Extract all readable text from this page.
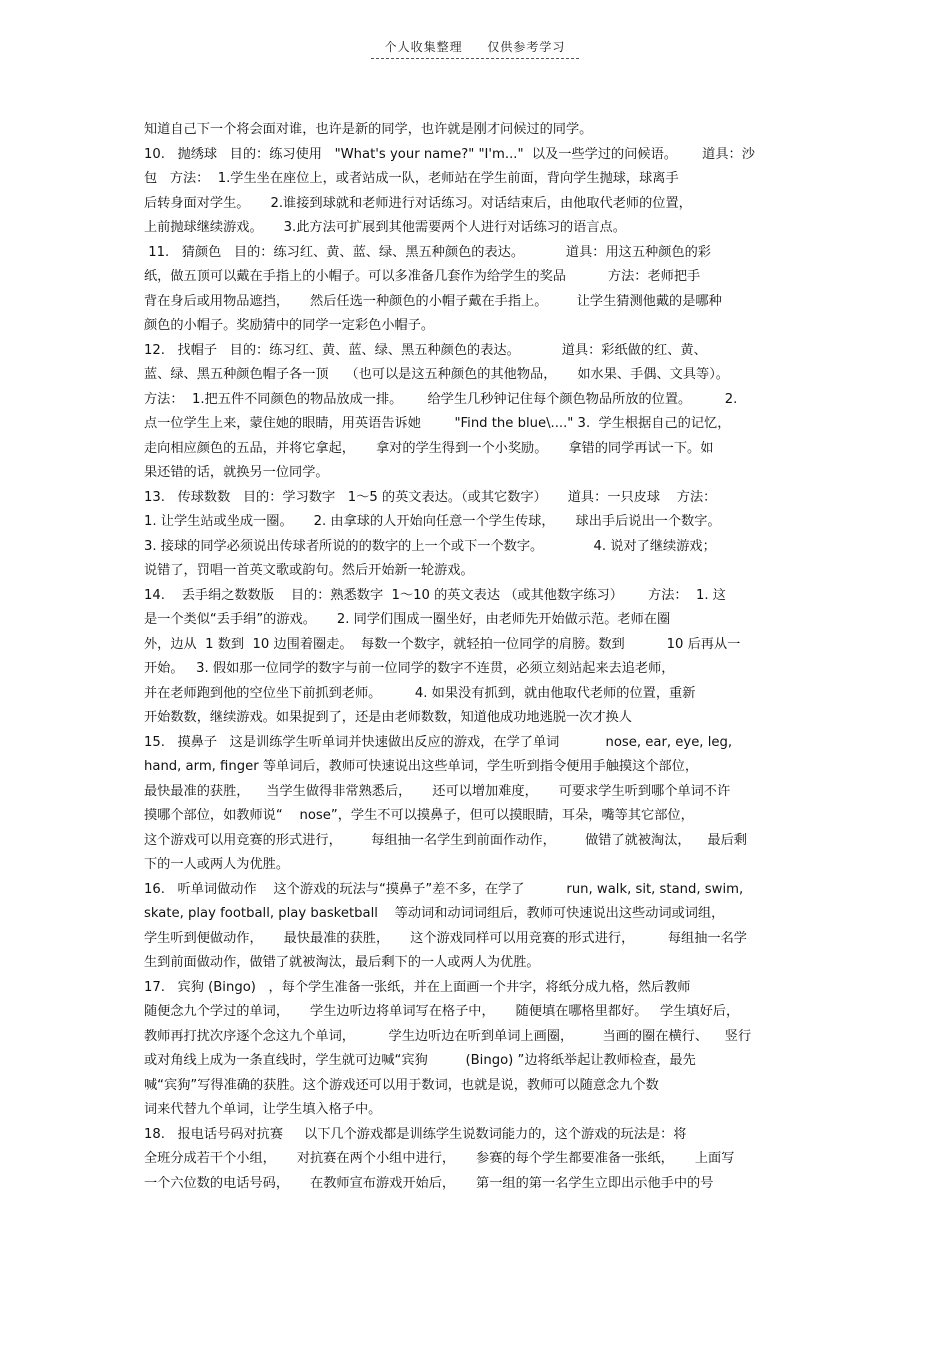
个人收集整理 仅供参考学习
知道自己下一个将会面对谁，也许是新的同学，也许就是刚才问候过的同学。
10.   抛绣球   目的：练习使用   "What's your name?" "I'm..."  以及一些学过的问候语。      道具：沙
包   方法：  1.学生坐在座位上，或者站成一队，老师站在学生前面，背向学生抛球，球离手
后转身面对学生。     2.谁接到球就和老师进行对话练习。对话结束后，由他取代老师的位置，
上前抛球继续游戏。     3.此方法可扩展到其他需要两个人进行对话练习的语言点。
11.   猜颜色   目的：练习红、黄、蓝、绿、黑五种颜色的表达。          道具：用这五种颜色的彩
纸，做五顶可以戴在手指上的小帽子。可以多准备几套作为给学生的奖品          方法：老师把手
背在身后或用物品遮挡，     然后任选一种颜色的小帽子戴在手指上。       让学生猜测他戴的是哪种
颜色的小帽子。奖励猜中的同学一定彩色小帽子。
12.   找帽子   目的：练习红、黄、蓝、绿、黑五种颜色的表达。          道具：彩纸做的红、黄、
蓝、绿、黑五种颜色帽子各一顶    （也可以是这五种颜色的其他物品，     如水果、手偶、文具等）。
方法：  1.把五件不同颜色的物品放成一排。      给学生几秒钟记住每个颜色物品所放的位置。        2.
点一位学生上来，蒙住她的眼睛，用英语告诉她        "Find the blue\...." 3.  学生根据自己的记忆，
走向相应颜色的五品，并将它拿起，     拿对的学生得到一个小奖励。     拿错的同学再试一下。如
果还错的话，就换另一位同学。
13.   传球数数   目的：学习数字   1～5 的英文表达。（或其它数字）     道具：一只皮球    方法：
1. 让学生站或坐成一圈。     2. 由拿球的人开始向任意一个学生传球，     球出手后说出一个数字。
3. 接球的同学必须说出传球者所说的的数字的上一个或下一个数字。            4. 说对了继续游戏；
说错了，罚唱一首英文歌或韵句。然后开始新一轮游戏。
14.    丢手绢之数数版    目的：熟悉数字  1～10 的英文表达 （或其他数字练习）      方法：  1. 这
是一个类似“丢手绢”的游戏。     2. 同学们围成一圈坐好，由老师先开始做示范。老师在圈
外，边从  1 数到  10 边围着圈走。  每数一个数字，就轻拍一位同学的肩膀。数到          10 后再从一
开始。   3. 假如那一位同学的数字与前一位同学的数字不连贯，必须立刻站起来去追老师，
并在老师跑到他的空位坐下前抓到老师。        4. 如果没有抓到，就由他取代老师的位置，重新
开始数数，继续游戏。如果捉到了，还是由老师数数，知道他成功地逃脱一次才换人
15.   摸鼻子   这是训练学生听单词并快速做出反应的游戏，在学了单词           nose, ear, eye, leg,
hand, arm, finger 等单词后，教师可快速说出这些单词，学生听到指令便用手触摸这个部位，
最快最准的获胜，    当学生做得非常熟悉后，     还可以增加难度，     可要求学生听到哪个单词不许
摸哪个部位，如教师说“    nose”，学生不可以摸鼻子，但可以摸眼睛，耳朵，嘴等其它部位，
这个游戏可以用竞赛的形式进行，       每组抽一名学生到前面作动作，       做错了就被淘汰，    最后剩
下的一人或两人为优胜。
16.   听单词做动作    这个游戏的玩法与“摸鼻子”差不多，在学了          run, walk, sit, stand, swim,
skate, play football, play basketball    等动词和动词词组后，教师可快速说出这些动词或词组，
学生听到便做动作，     最快最准的获胜，     这个游戏同样可以用竞赛的形式进行，        每组抽一名学
生到前面做动作，做错了就被淘汰，最后剩下的一人或两人为优胜。
17.   宾狗 (Bingo)   ，每个学生准备一张纸，并在上面画一个井字，将纸分成九格，然后教师
随便念九个学过的单词，     学生边听边将单词写在格子中，     随便填在哪格里都好。   学生填好后，
教师再打扰次序逐个念这九个单词，        学生边听边在听到单词上画圈，       当画的圈在横行、    竖行
或对角线上成为一条直线时，学生就可边喊“宾狗         (Bingo) ”边将纸举起让教师检查，最先
喊“宾狗”写得准确的获胜。这个游戏还可以用于数词，也就是说，教师可以随意念九个数
词来代替九个单词，让学生填入格子中。
18.   报电话号码对抗赛     以下几个游戏都是训练学生说数词能力的，这个游戏的玩法是：将
全班分成若干个小组，     对抗赛在两个小组中进行，     参赛的每个学生都要准备一张纸，     上面写
一个六位数的电话号码，     在教师宣布游戏开始后，     第一组的第一名学生立即出示他手中的号
